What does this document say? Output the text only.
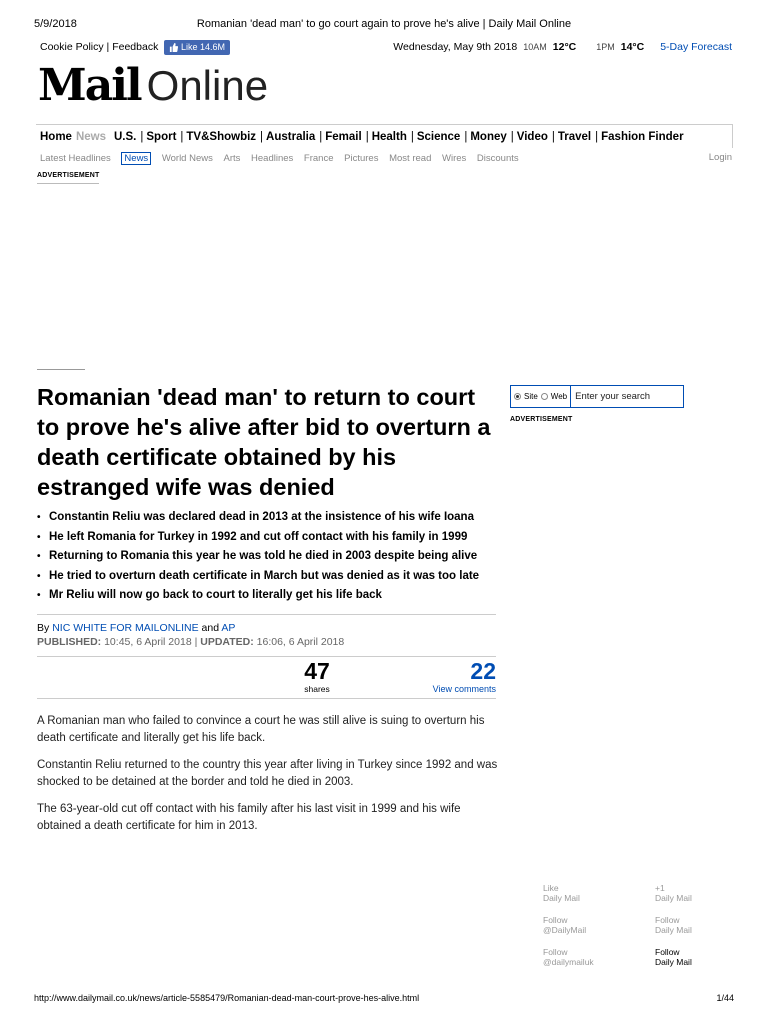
5/9/2018	Romanian 'dead man' to go court again to prove he's alive | Daily Mail Online
Cookie Policy | Feedback	Like 14.6M	Wednesday, May 9th 2018 10AM 12°C 1PM 14°C 5-Day Forecast
Mail Online
Home News U.S. | Sport | TV&Showbiz | Australia | Femail | Health | Science | Money | Video | Travel | Fashion Finder
Latest Headlines News World News Arts Headlines France Pictures Most read Wires Discounts	Login
ADVERTISEMENT
Romanian 'dead man' to return to court to prove he's alive after bid to overturn a death certificate obtained by his estranged wife was denied
• Constantin Reliu was declared dead in 2013 at the insistence of his wife Ioana
• He left Romania for Turkey in 1992 and cut off contact with his family in 1999
• Returning to Romania this year he was told he died in 2003 despite being alive
• He tried to overturn death certificate in March but was denied as it was too late
• Mr Reliu will now go back to court to literally get his life back
By NIC WHITE FOR MAILONLINE and AP
PUBLISHED: 10:45, 6 April 2018 | UPDATED: 16:06, 6 April 2018
47
shares
22
View comments

A Romanian man who failed to convince a court he was still alive is suing to overturn his death certificate and literally get his life back.

Constantin Reliu returned to the country this year after living in Turkey since 1992 and was shocked to be detained at the border and told he died in 2003.

The 63-year-old cut off contact with his family after his last visit in 1999 and his wife obtained a death certificate for him in 2013.

Site Web
Enter your search
ADVERTISEMENT
Like
Daily Mail
+1
Daily Mail
Follow
@DailyMail
Follow
Daily Mail
Follow
@dailymailuk
Follow
Daily Mail
http://www.dailymail.co.uk/news/article-5585479/Romanian-dead-man-court-prove-hes-alive.html	1/44
